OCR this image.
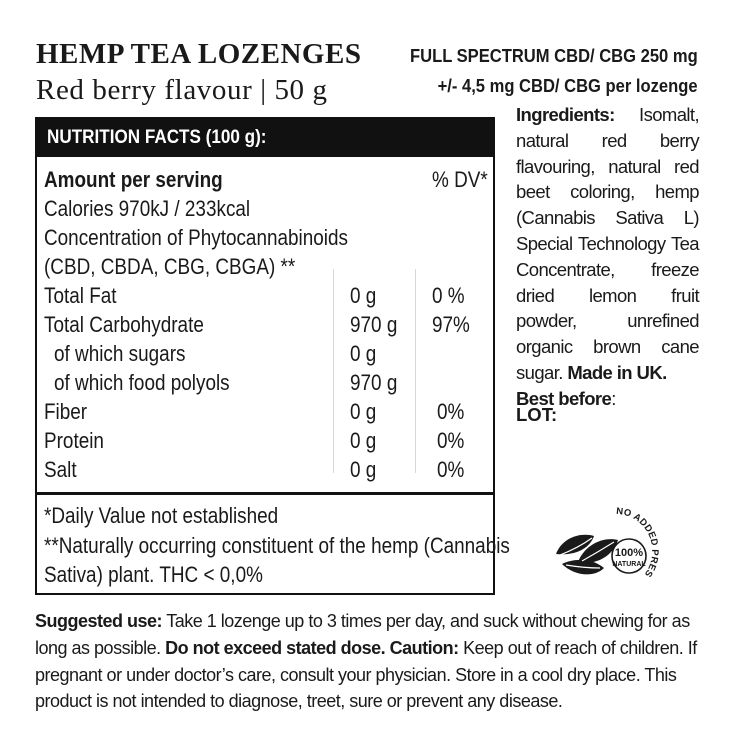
HEMP TEA LOZENGES
Red berry flavour | 50 g
FULL SPECTRUM CBD/ CBG 250 mg
+/- 4,5 mg CBD/ CBG per lozenge
NUTRITION FACTS (100 g):
Amount per serving	% DV*
Calories 970kJ / 233kcal
Concentration of Phytocannabinoids
(CBD, CBDA, CBG, CBGA) **
Total Fat	0 g	0 %
Total Carbohydrate	970 g	97%
of which sugars	0 g
of which food polyols	970 g
Fiber	0 g	0%
Protein	0 g	0%
Salt	0 g	0%
*Daily Value not established
**Naturally occurring constituent of the hemp (Cannabis
Sativa) plant. THC < 0,0%
Ingredients: Isomalt, natural red berry flavouring, natural red beet coloring, hemp (Cannabis Sativa L) Special Technology Tea Concentrate, freeze dried lemon fruit powder, unrefined organic brown cane sugar. Made in UK.
Best before:
LOT:
NO ADDED PRES
100%
NATURAL
Suggested use: Take 1 lozenge up to 3 times per day, and suck without chewing for as long as possible. Do not exceed stated dose. Caution: Keep out of reach of children. If pregnant or under doctor’s care, consult your physician. Store in a cool dry place. This product is not intended to diagnose, treet, sure or prevent any disease.
